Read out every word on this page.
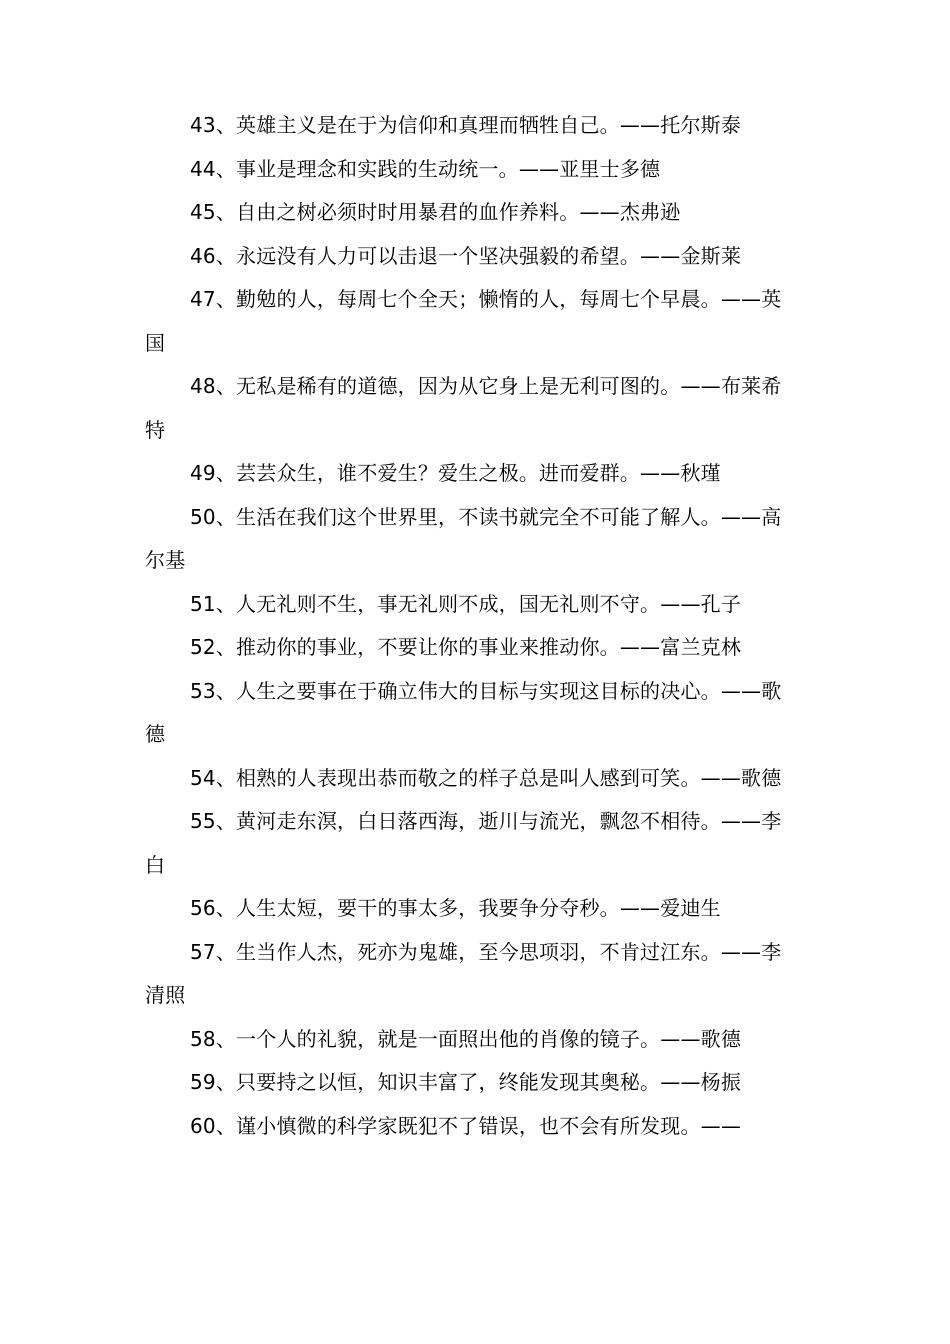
43、英雄主义是在于为信仰和真理而牺牲自己。——托尔斯泰

44、事业是理念和实践的生动统一。——亚里士多德

45、自由之树必须时时用暴君的血作养料。——杰弗逊

46、永远没有人力可以击退一个坚决强毅的希望。——金斯莱

47、勤勉的人，每周七个全天；懒惰的人，每周七个早晨。——英国

48、无私是稀有的道德，因为从它身上是无利可图的。——布莱希特

49、芸芸众生，谁不爱生？爱生之极。进而爱群。——秋瑾

50、生活在我们这个世界里，不读书就完全不可能了解人。——高尔基

51、人无礼则不生，事无礼则不成，国无礼则不守。——孔子

52、推动你的事业，不要让你的事业来推动你。——富兰克林

53、人生之要事在于确立伟大的目标与实现这目标的决心。——歌德

54、相熟的人表现出恭而敬之的样子总是叫人感到可笑。——歌德

55、黄河走东溟，白日落西海，逝川与流光，飘忽不相待。——李白

56、人生太短，要干的事太多，我要争分夺秒。——爱迪生

57、生当作人杰，死亦为鬼雄，至今思项羽，不肯过江东。——李清照

58、一个人的礼貌，就是一面照出他的肖像的镜子。——歌德

59、只要持之以恒，知识丰富了，终能发现其奥秘。——杨振

60、谨小慎微的科学家既犯不了错误，也不会有所发现。——
